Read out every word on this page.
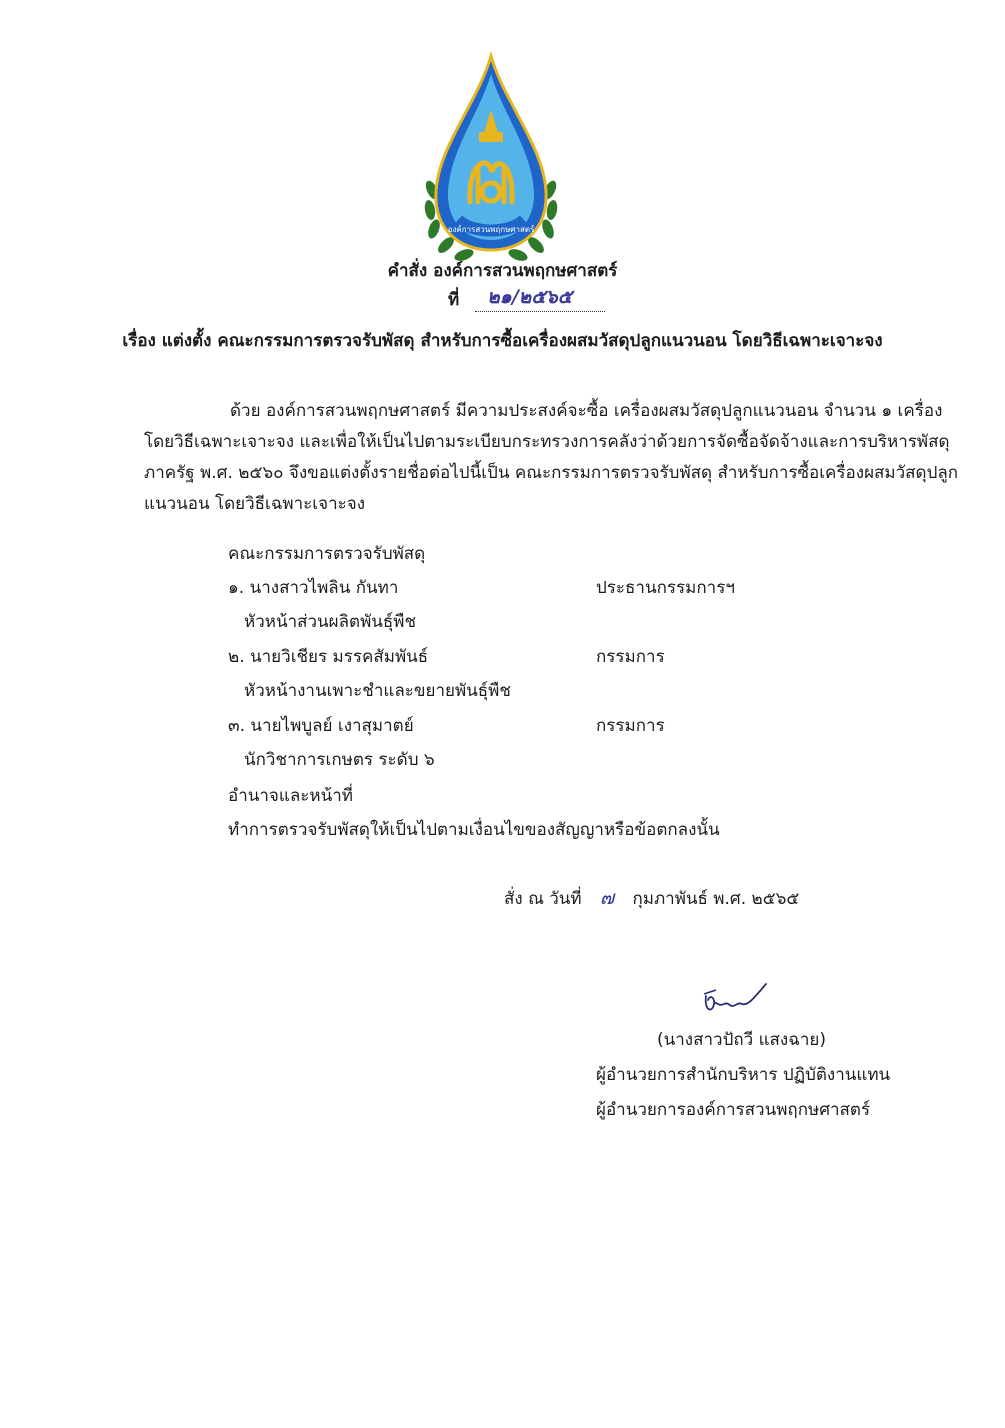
องค์การสวนพฤกษศาสตร์
คำสั่ง องค์การสวนพฤกษศาสตร์
ที่ ๒๑/๒๕๖๕
เรื่อง แต่งตั้ง คณะกรรมการตรวจรับพัสดุ สำหรับการซื้อเครื่องผสมวัสดุปลูกแนวนอน โดยวิธีเฉพาะเจาะจง
ด้วย องค์การสวนพฤกษศาสตร์ มีความประสงค์จะซื้อ เครื่องผสมวัสดุปลูกแนวนอน จำนวน ๑ เครื่อง
โดยวิธีเฉพาะเจาะจง และเพื่อให้เป็นไปตามระเบียบกระทรวงการคลังว่าด้วยการจัดซื้อจัดจ้างและการบริหารพัสดุ
ภาครัฐ พ.ศ. ๒๕๖๐ จึงขอแต่งตั้งรายชื่อต่อไปนี้เป็น คณะกรรมการตรวจรับพัสดุ สำหรับการซื้อเครื่องผสมวัสดุปลูก
แนวนอน โดยวิธีเฉพาะเจาะจง
คณะกรรมการตรวจรับพัสดุ
๑. นางสาวไพลิน กันทา	ประธานกรรมการฯ
หัวหน้าส่วนผลิตพันธุ์พืช
๒. นายวิเชียร มรรคสัมพันธ์	กรรมการ
หัวหน้างานเพาะชำและขยายพันธุ์พืช
๓. นายไพบูลย์ เงาสุมาตย์	กรรมการ
นักวิชาการเกษตร ระดับ ๖
อำนาจและหน้าที่
ทำการตรวจรับพัสดุให้เป็นไปตามเงื่อนไขของสัญญาหรือข้อตกลงนั้น
สั่ง ณ วันที่ ๗ กุมภาพันธ์ พ.ศ. ๒๕๖๕
(นางสาวปัถวี แสงฉาย)
ผู้อำนวยการสำนักบริหาร ปฏิบัติงานแทน
ผู้อำนวยการองค์การสวนพฤกษศาสตร์
